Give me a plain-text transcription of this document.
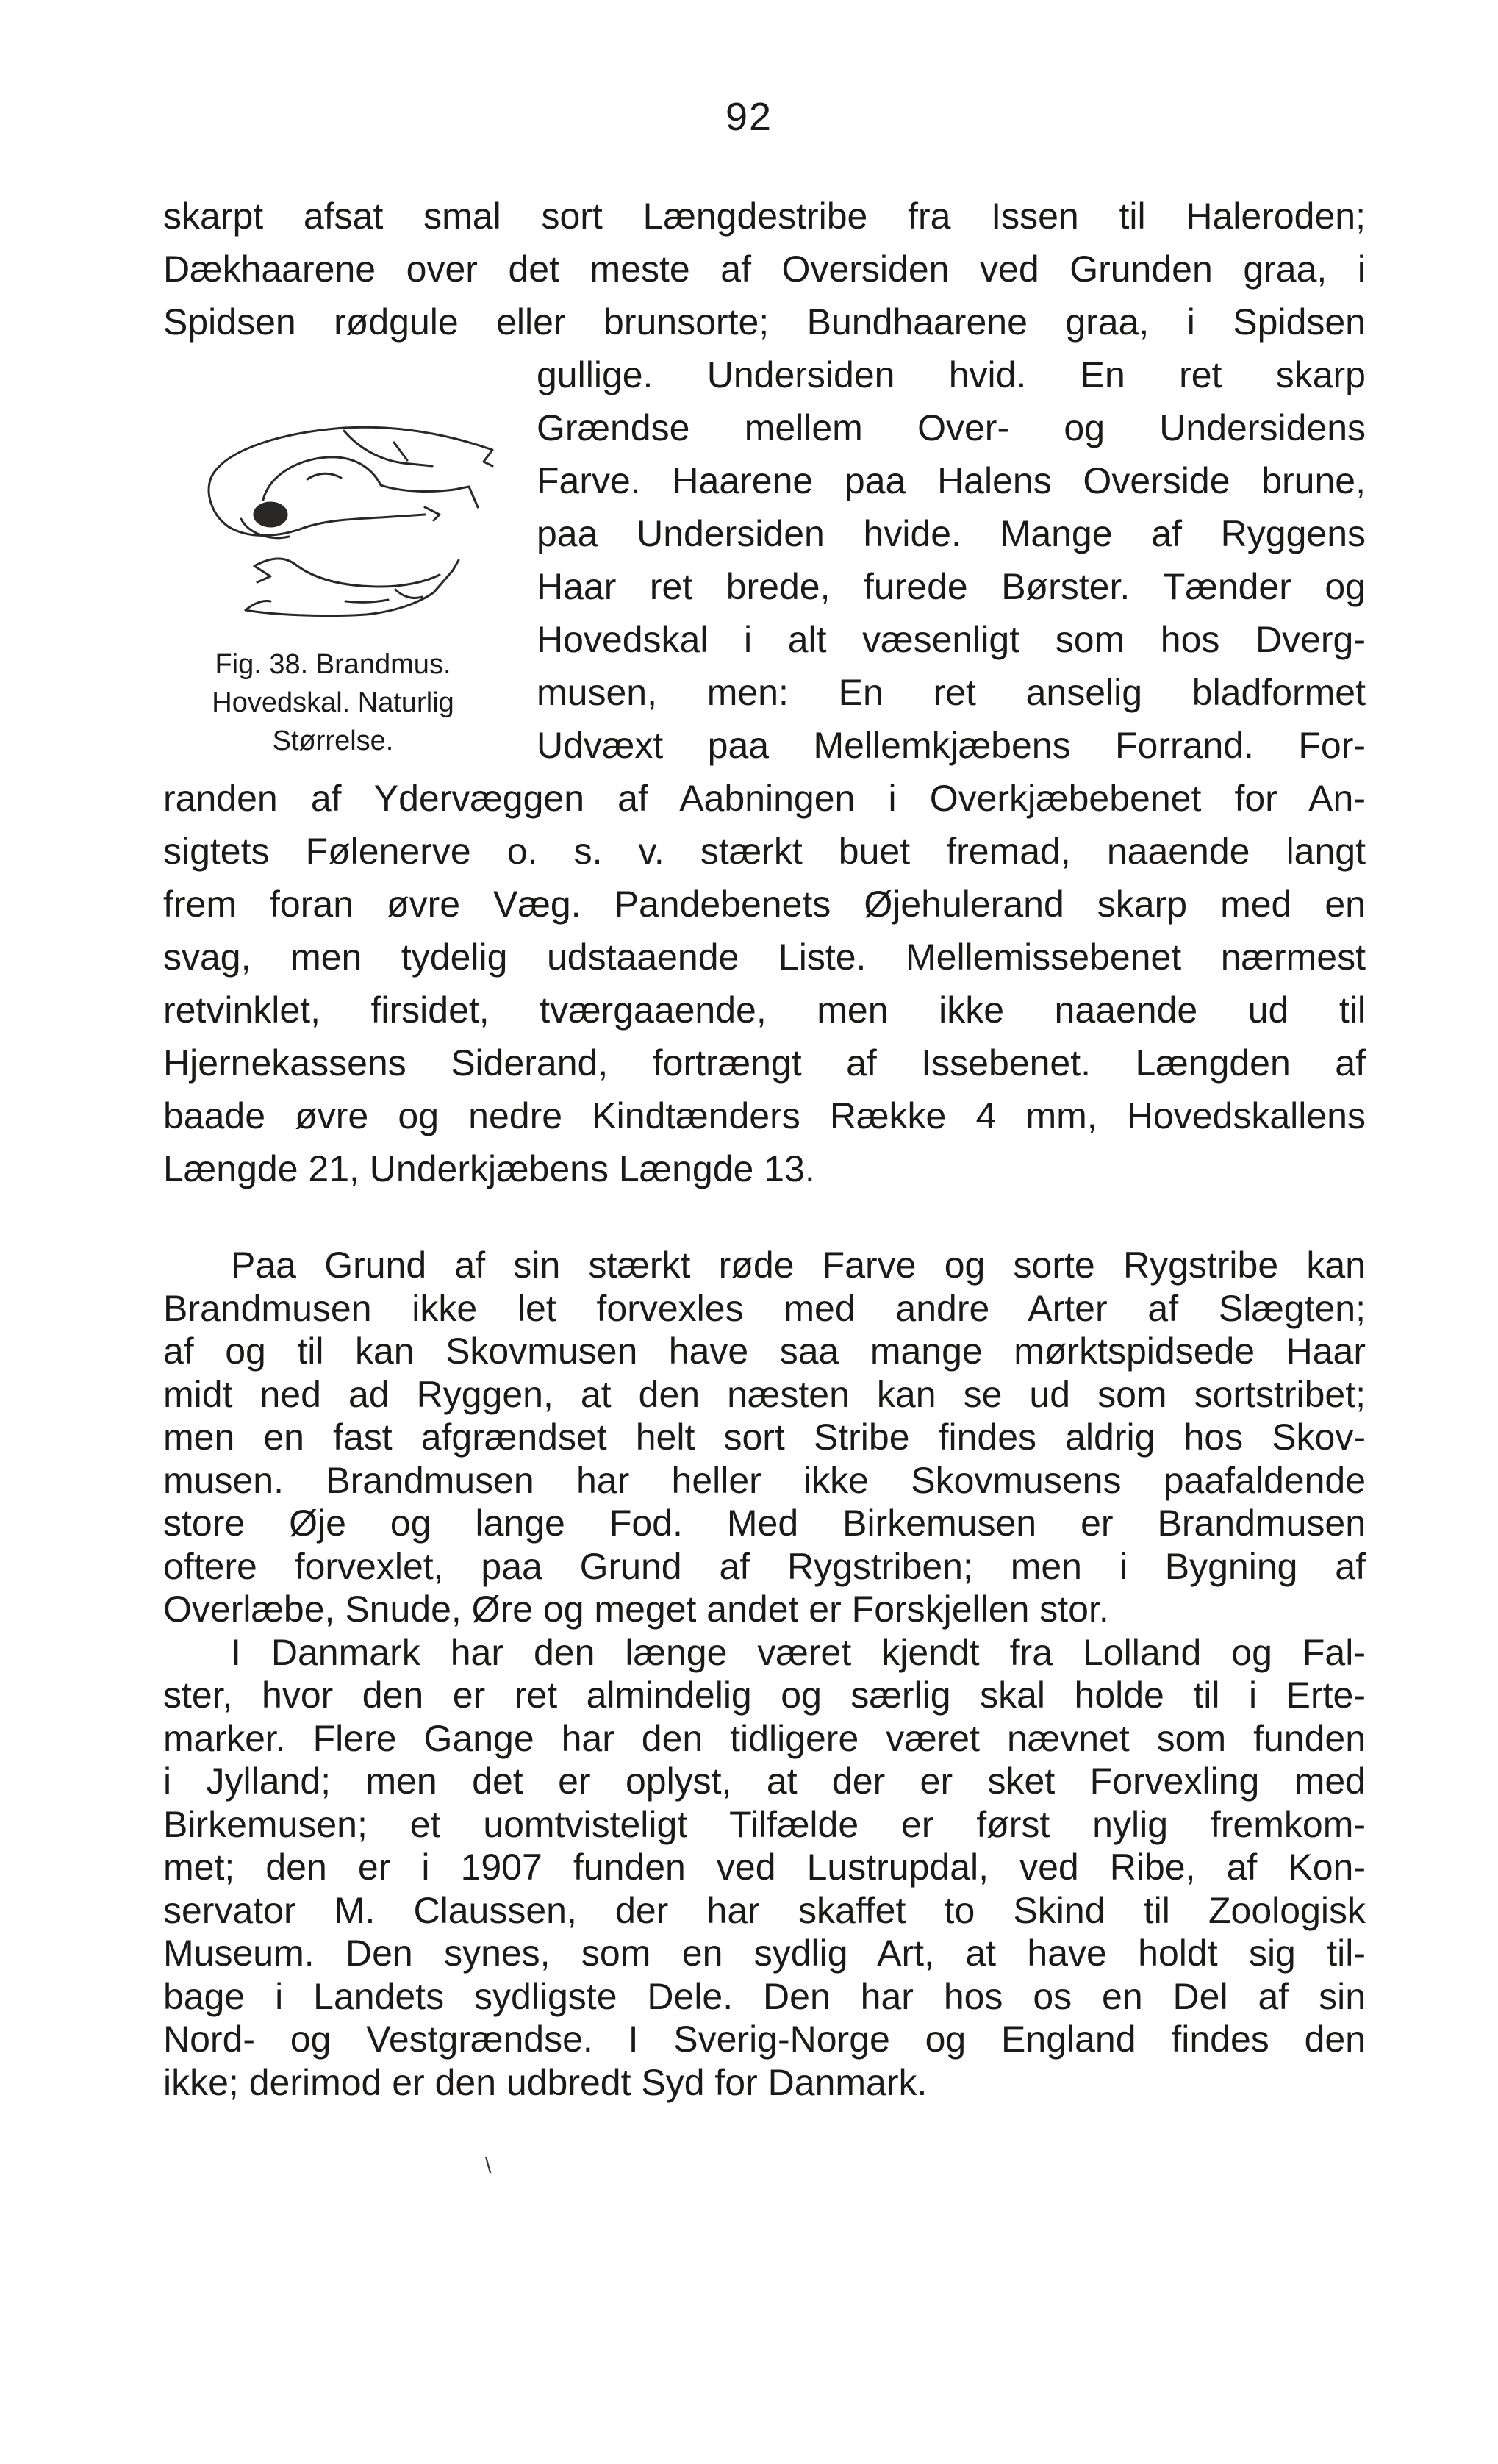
92
skarpt afsat smal sort Længdestribe fra Issen til Haleroden;
Dækhaarene over det meste af Oversiden ved Grunden graa, i
Spidsen rødgule eller brunsorte; Bundhaarene graa, i Spidsen
Fig. 38. Brandmus.
Hovedskal. Naturlig
Størrelse.
gullige. Undersiden hvid. En ret skarp
Grændse mellem Over- og Undersidens
Farve. Haarene paa Halens Overside brune,
paa Undersiden hvide. Mange af Ryggens
Haar ret brede, furede Børster. Tænder og
Hovedskal i alt væsenligt som hos Dverg-
musen, men: En ret anselig bladformet
Udvæxt paa Mellemkjæbens Forrand. For-
randen af Ydervæggen af Aabningen i Overkjæbebenet for An-
sigtets Følenerve o. s. v. stærkt buet fremad, naaende langt
frem foran øvre Væg. Pandebenets Øjehulerand skarp med en
svag, men tydelig udstaaende Liste. Mellemissebenet nærmest
retvinklet, firsidet, tværgaaende, men ikke naaende ud til
Hjernekassens Siderand, fortrængt af Issebenet. Længden af
baade øvre og nedre Kindtænders Række 4 mm, Hovedskallens
Længde 21, Underkjæbens Længde 13.
Paa Grund af sin stærkt røde Farve og sorte Rygstribe kan
Brandmusen ikke let forvexles med andre Arter af Slægten;
af og til kan Skovmusen have saa mange mørktspidsede Haar
midt ned ad Ryggen, at den næsten kan se ud som sortstribet;
men en fast afgrændset helt sort Stribe findes aldrig hos Skov-
musen. Brandmusen har heller ikke Skovmusens paafaldende
store Øje og lange Fod. Med Birkemusen er Brandmusen
oftere forvexlet, paa Grund af Rygstriben; men i Bygning af
Overlæbe, Snude, Øre og meget andet er Forskjellen stor.
I Danmark har den længe været kjendt fra Lolland og Fal-
ster, hvor den er ret almindelig og særlig skal holde til i Erte-
marker. Flere Gange har den tidligere været nævnet som funden
i Jylland; men det er oplyst, at der er sket Forvexling med
Birkemusen; et uomtvisteligt Tilfælde er først nylig fremkom-
met; den er i 1907 funden ved Lustrupdal, ved Ribe, af Kon-
servator M. Claussen, der har skaffet to Skind til Zoologisk
Museum. Den synes, som en sydlig Art, at have holdt sig til-
bage i Landets sydligste Dele. Den har hos os en Del af sin
Nord- og Vestgrændse. I Sverig-Norge og England findes den
ikke; derimod er den udbredt Syd for Danmark.
\
